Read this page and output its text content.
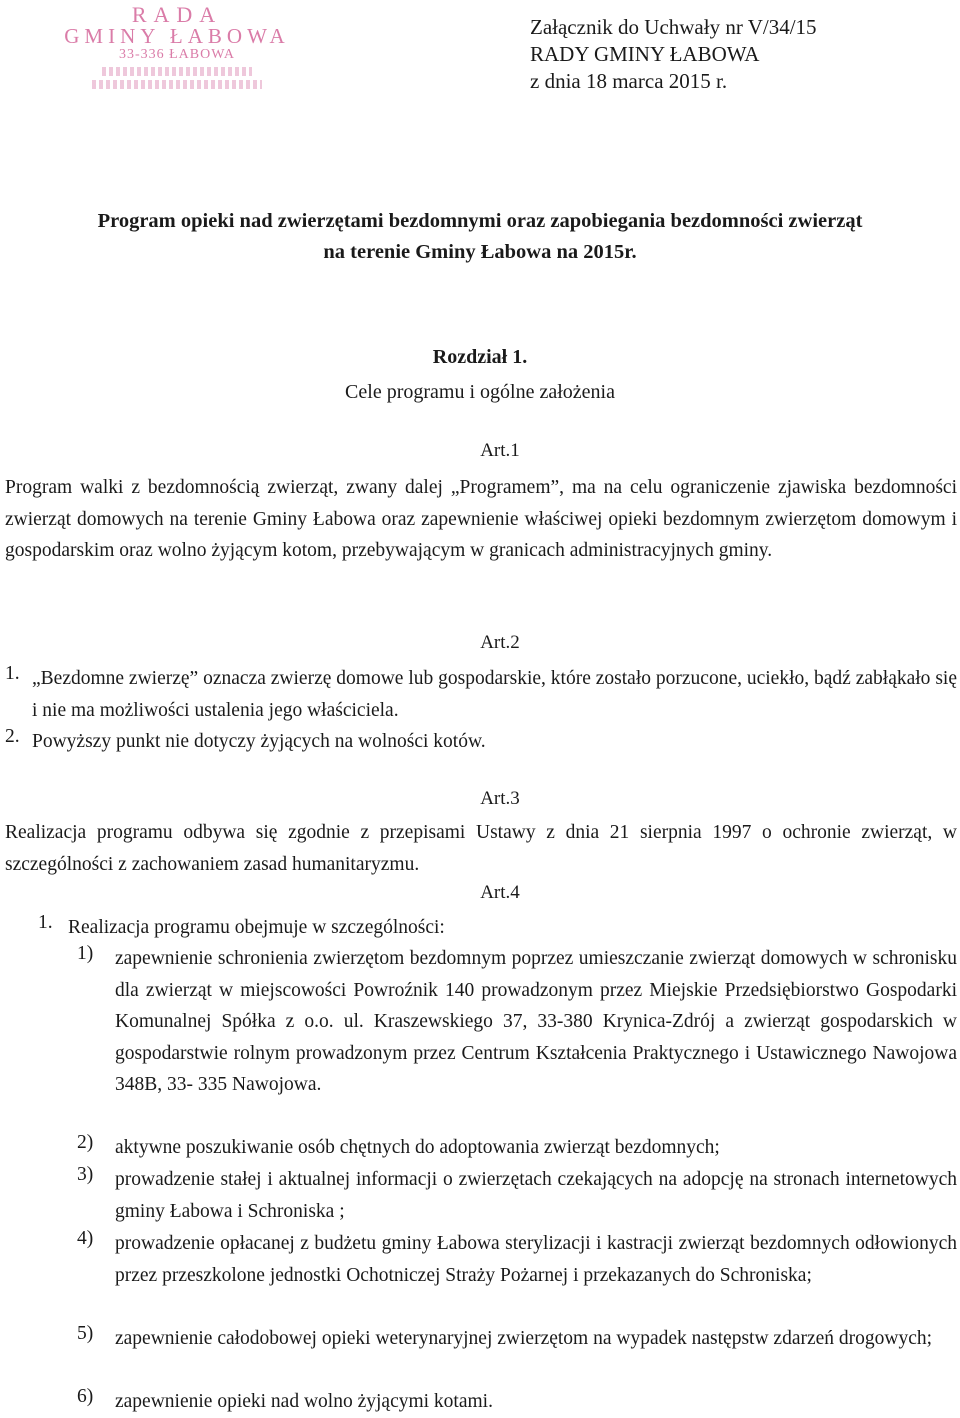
RADA
GMINY ŁABOWA
33-336 ŁABOWA
Załącznik do Uchwały nr V/34/15
RADY GMINY ŁABOWA
z dnia 18 marca 2015 r.
Program opieki nad zwierzętami bezdomnymi oraz zapobiegania bezdomności zwierząt
na terenie Gminy Łabowa na 2015r.
Rozdział 1.
Cele programu i ogólne założenia
Art.1
Program walki z bezdomnością zwierząt, zwany dalej „Programem”, ma na celu ograniczenie zjawiska bezdomności zwierząt domowych na terenie Gminy Łabowa oraz zapewnienie właściwej opieki bezdomnym zwierzętom domowym i gospodarskim oraz wolno żyjącym kotom, przebywającym w granicach administracyjnych gminy.
Art.2
1. „Bezdomne zwierzę” oznacza zwierzę domowe lub gospodarskie, które zostało porzucone, uciekło, bądź zabłąkało się i nie ma możliwości ustalenia jego właściciela.
2. Powyższy punkt nie dotyczy żyjących na wolności kotów.
Art.3
Realizacja programu odbywa się zgodnie z przepisami Ustawy z dnia 21 sierpnia 1997 o ochronie zwierząt, w szczególności z zachowaniem zasad humanitaryzmu.
Art.4
1. Realizacja programu obejmuje w szczególności:
1) zapewnienie schronienia zwierzętom bezdomnym poprzez umieszczanie zwierząt domowych w schronisku dla zwierząt w miejscowości Powroźnik 140 prowadzonym przez Miejskie Przedsiębiorstwo Gospodarki Komunalnej Spółka z o.o. ul. Kraszewskiego 37, 33-380 Krynica-Zdrój a zwierząt gospodarskich w gospodarstwie rolnym prowadzonym przez Centrum Kształcenia Praktycznego i Ustawicznego Nawojowa 348B, 33- 335 Nawojowa.
2) aktywne poszukiwanie osób chętnych do adoptowania zwierząt bezdomnych;
3) prowadzenie stałej i aktualnej informacji o zwierzętach czekających na adopcję na stronach internetowych gminy Łabowa i Schroniska ;
4) prowadzenie opłacanej z budżetu gminy Łabowa sterylizacji i kastracji zwierząt bezdomnych odłowionych przez przeszkolone jednostki Ochotniczej Straży Pożarnej i przekazanych do Schroniska;
5) zapewnienie całodobowej opieki weterynaryjnej zwierzętom na wypadek następstw zdarzeń drogowych;
6) zapewnienie opieki nad wolno żyjącymi kotami.
